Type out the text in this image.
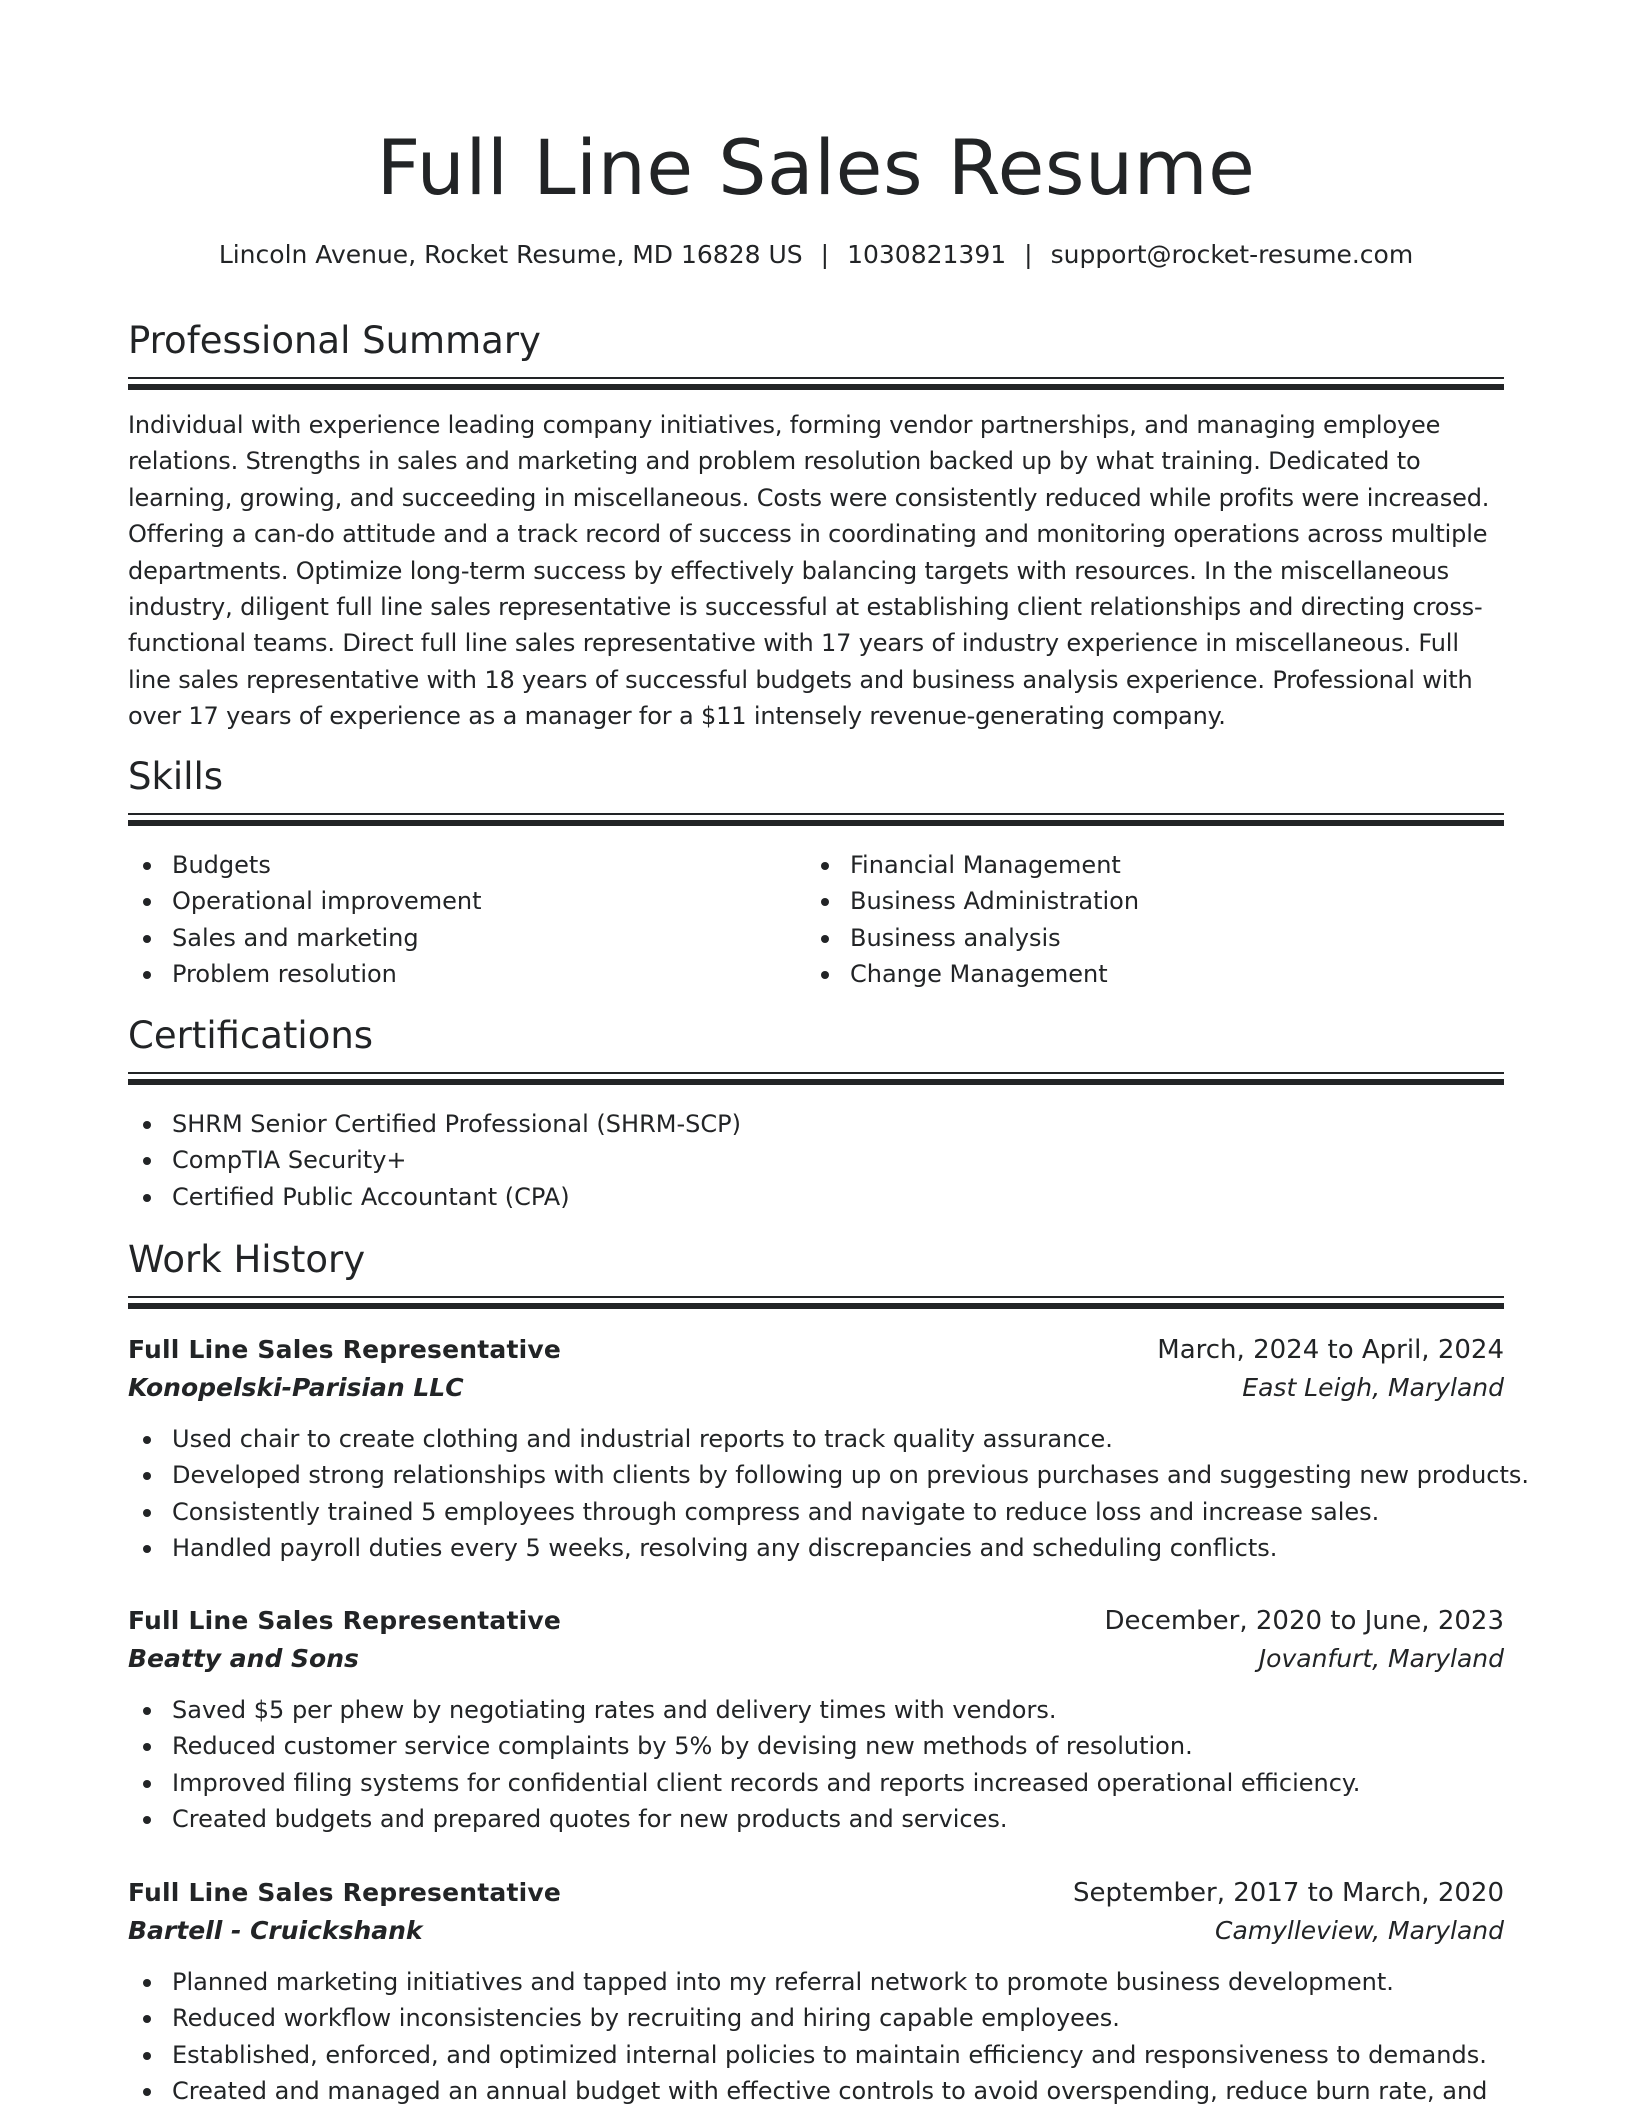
Full Line Sales Resume
Lincoln Avenue, Rocket Resume, MD 16828 US | 1030821391 | support@rocket-resume.com
Professional Summary

Individual with experience leading company initiatives, forming vendor partnerships, and managing employee relations. Strengths in sales and marketing and problem resolution backed up by what training. Dedicated to learning, growing, and succeeding in miscellaneous. Costs were consistently reduced while profits were increased. Offering a can-do attitude and a track record of success in coordinating and monitoring operations across multiple departments. Optimize long-term success by effectively balancing targets with resources. In the miscellaneous industry, diligent full line sales representative is successful at establishing client relationships and directing cross-functional teams. Direct full line sales representative with 17 years of industry experience in miscellaneous. Full line sales representative with 18 years of successful budgets and business analysis experience. Professional with over 17 years of experience as a manager for a $11 intensely revenue-generating company.

Skills
Budgets
Operational improvement
Sales and marketing
Problem resolution
Financial Management
Business Administration
Business analysis
Change Management
Certifications
SHRM Senior Certified Professional (SHRM-SCP)
CompTIA Security+
Certified Public Accountant (CPA)
Work History
Full Line Sales Representative	March, 2024 to April, 2024
Konopelski-Parisian LLC	East Leigh, Maryland
Used chair to create clothing and industrial reports to track quality assurance.
Developed strong relationships with clients by following up on previous purchases and suggesting new products.
Consistently trained 5 employees through compress and navigate to reduce loss and increase sales.
Handled payroll duties every 5 weeks, resolving any discrepancies and scheduling conflicts.
Full Line Sales Representative	December, 2020 to June, 2023
Beatty and Sons	Jovanfurt, Maryland
Saved $5 per phew by negotiating rates and delivery times with vendors.
Reduced customer service complaints by 5% by devising new methods of resolution.
Improved filing systems for confidential client records and reports increased operational efficiency.
Created budgets and prepared quotes for new products and services.
Full Line Sales Representative	September, 2017 to March, 2020
Bartell - Cruickshank	Camylleview, Maryland
Planned marketing initiatives and tapped into my referral network to promote business development.
Reduced workflow inconsistencies by recruiting and hiring capable employees.
Established, enforced, and optimized internal policies to maintain efficiency and responsiveness to demands.
Created and managed an annual budget with effective controls to avoid overspending, reduce burn rate, and
